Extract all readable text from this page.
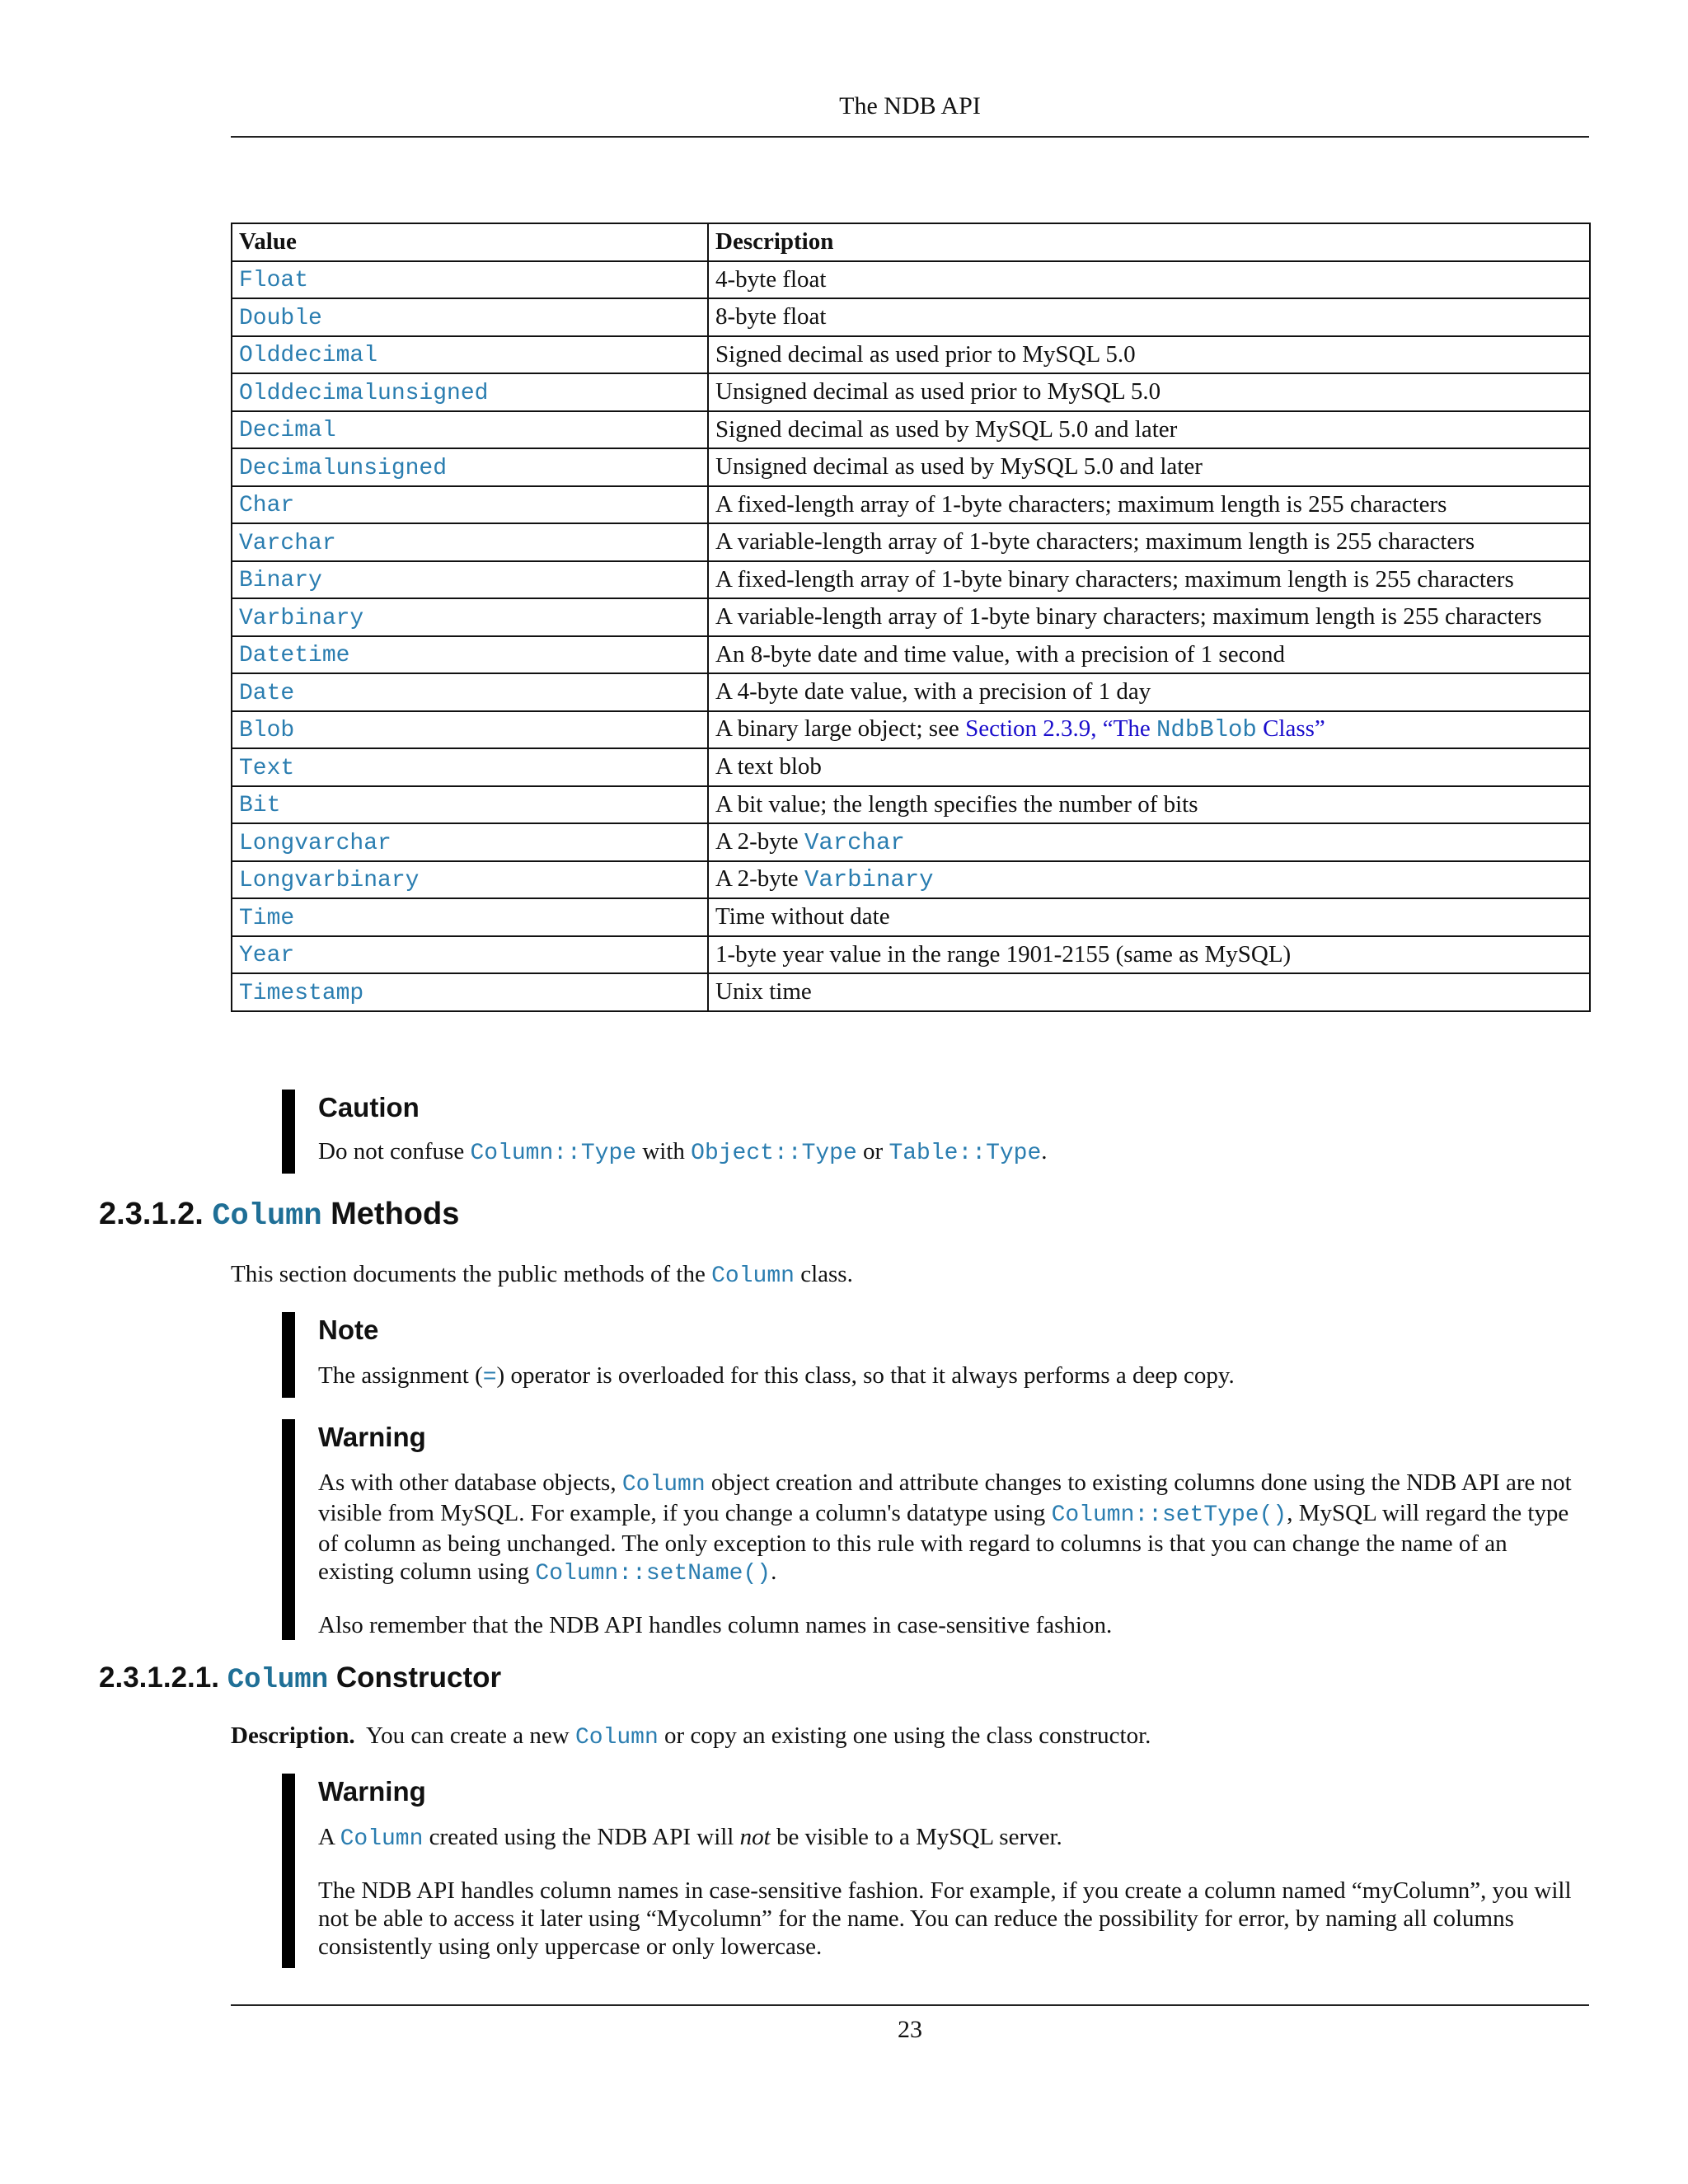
The NDB API
Value	Description
Float	4-byte float
Double	8-byte float
Olddecimal	Signed decimal as used prior to MySQL 5.0
Olddecimalunsigned	Unsigned decimal as used prior to MySQL 5.0
Decimal	Signed decimal as used by MySQL 5.0 and later
Decimalunsigned	Unsigned decimal as used by MySQL 5.0 and later
Char	A fixed-length array of 1-byte characters; maximum length is 255 characters
Varchar	A variable-length array of 1-byte characters; maximum length is 255 characters
Binary	A fixed-length array of 1-byte binary characters; maximum length is 255 characters
Varbinary	A variable-length array of 1-byte binary characters; maximum length is 255 characters
Datetime	An 8-byte date and time value, with a precision of 1 second
Date	A 4-byte date value, with a precision of 1 day
Blob	A binary large object; see Section 2.3.9, “The NdbBlob Class”
Text	A text blob
Bit	A bit value; the length specifies the number of bits
Longvarchar	A 2-byte Varchar
Longvarbinary	A 2-byte Varbinary
Time	Time without date
Year	1-byte year value in the range 1901-2155 (same as MySQL)
Timestamp	Unix time
Caution

Do not confuse Column::Type with Object::Type or Table::Type.

2.3.1.2. Column Methods
This section documents the public methods of the Column class.
Note

The assignment (=) operator is overloaded for this class, so that it always performs a deep copy.

Warning

As with other database objects, Column object creation and attribute changes to existing columns done using the NDB API are not visible from MySQL. For example, if you change a column's datatype using Column::setType(), MySQL will regard the type of column as being unchanged. The only exception to this rule with regard to columns is that you can change the name of an existing column using Column::setName().

Also remember that the NDB API handles column names in case-sensitive fashion.

2.3.1.2.1. Column Constructor
Description.  You can create a new Column or copy an existing one using the class constructor.
Warning

A Column created using the NDB API will not be visible to a MySQL server.

The NDB API handles column names in case-sensitive fashion. For example, if you create a column named “myColumn”, you will not be able to access it later using “Mycolumn” for the name. You can reduce the possibility for error, by naming all columns consistently using only uppercase or only lowercase.

23
